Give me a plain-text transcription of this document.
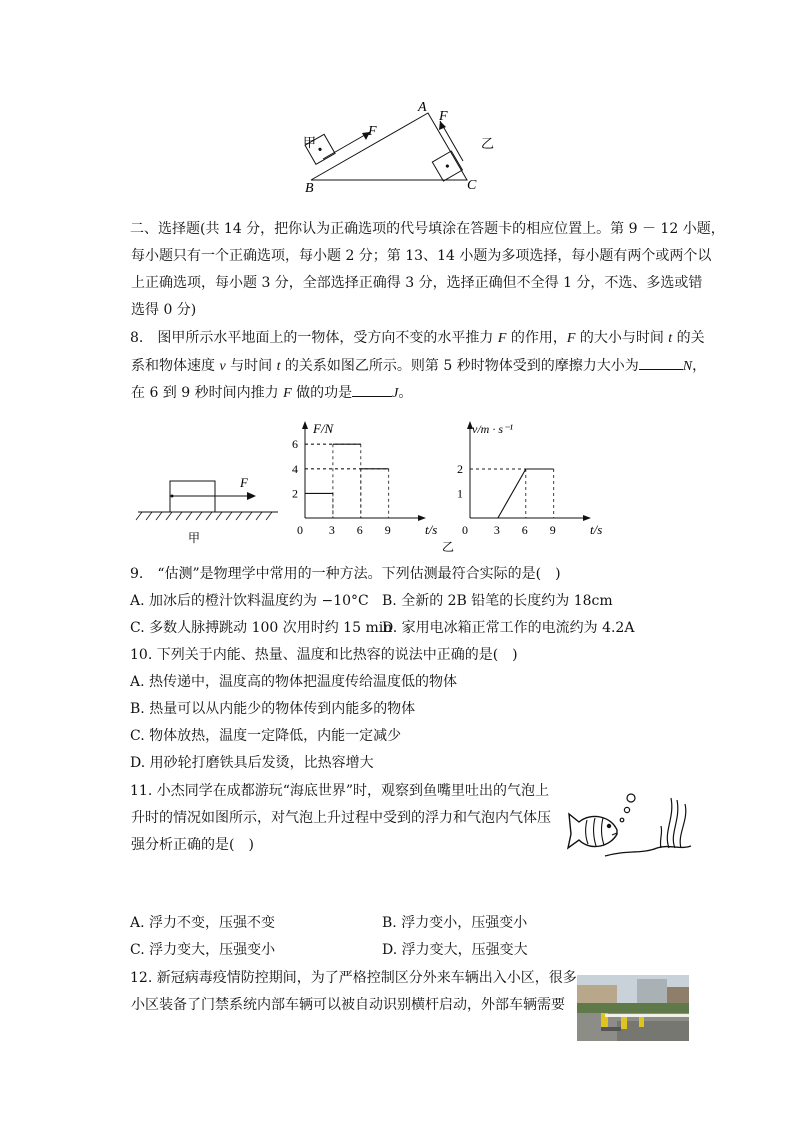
A
B	C
F
F
甲	乙
二、选择题(共 14 分，把你认为正确选项的代号填涂在答题卡的相应位置上。第 9 － 12 小题，
每小题只有一个正确选项，每小题 2 分；第 13、14 小题为多项选择，每小题有两个或两个以
上正确选项，每小题 3 分，全部选择正确得 3 分，选择正确但不全得 1 分，不选、多选或错
选得 0 分)
8.　图甲所示水平地面上的一物体，受方向不变的水平推力 F 的作用，F 的大小与时间 t 的关
系和物体速度 v 与时间 t 的关系如图乙所示。则第 5 秒时物体受到的摩擦力大小为	N，
在 6 到 9 秒时间内推力 F 做的功是	J。
F
甲
F/N
t/s
乙
0 3 6 9
2
4
6
v/m · s⁻¹
t/s
0 3 6 9
1
2
9.　“估测”是物理学中常用的一种方法。下列估测最符合实际的是(　)
A. 加冰后的橙汁饮料温度约为 −10°C B. 全新的 2B 铅笔的长度约为 18cm
C. 多数人脉搏跳动 100 次用时约 15 min
D. 家用电冰箱正常工作的电流约为 4.2A
10. 下列关于内能、热量、温度和比热容的说法中正确的是(　)
A. 热传递中，温度高的物体把温度传给温度低的物体
B. 热量可以从内能少的物体传到内能多的物体
C. 物体放热，温度一定降低，内能一定减少
D. 用砂轮打磨铁具后发烫，比热容增大
11. 小杰同学在成都游玩“海底世界”时，观察到鱼嘴里吐出的气泡上
升时的情况如图所示，对气泡上升过程中受到的浮力和气泡内气体压
强分析正确的是(　)
A. 浮力不变，压强不变	B. 浮力变小，压强变小
C. 浮力变大，压强变小	D. 浮力变大，压强变大
12. 新冠病毒疫情防控期间，为了严格控制区分外来车辆出入小区，很多
小区装备了门禁系统内部车辆可以被自动识别横杆启动，外部车辆需要
